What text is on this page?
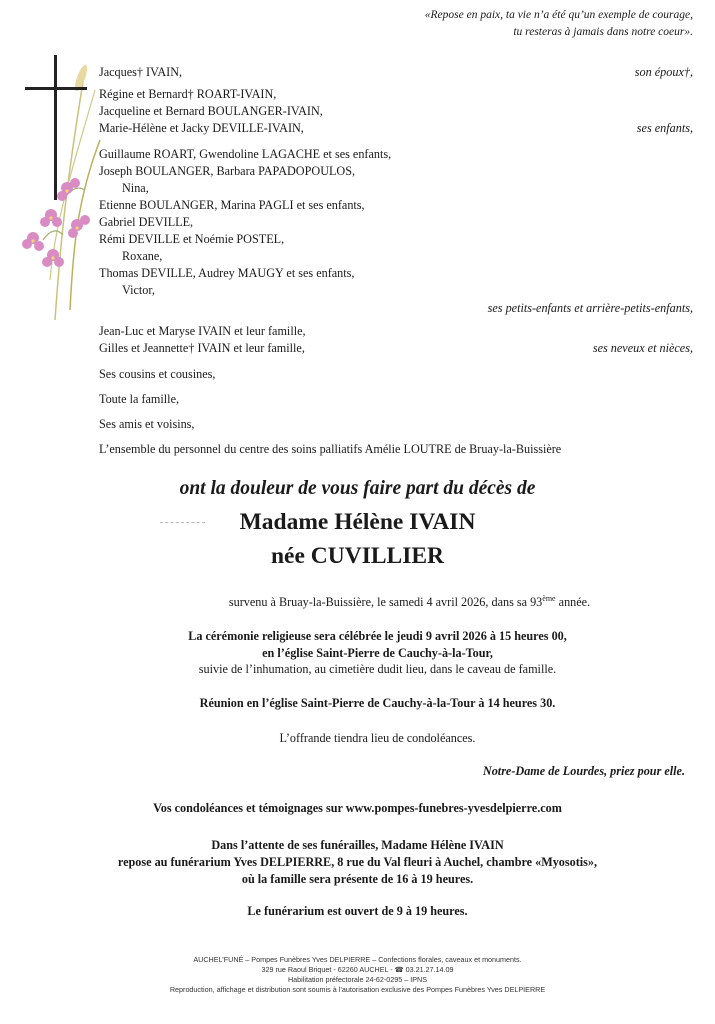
«Repose en paix, ta vie n’a été qu’un exemple de courage,
tu resteras à jamais dans notre coeur».
Jacques† IVAIN,	son époux†,
Régine et Bernard† ROART-IVAIN,
Jacqueline et Bernard BOULANGER-IVAIN,
Marie-Hélène et Jacky DEVILLE-IVAIN,	ses enfants,
Guillaume ROART, Gwendoline LAGACHE et ses enfants,
Joseph BOULANGER, Barbara PAPADOPOULOS,
Nina,
Etienne BOULANGER, Marina PAGLI et ses enfants,
Gabriel DEVILLE,
Rémi DEVILLE et Noémie POSTEL,
Roxane,
Thomas DEVILLE, Audrey MAUGY et ses enfants,
Victor,
ses petits-enfants et arrière-petits-enfants,
Jean-Luc et Maryse IVAIN et leur famille,
Gilles et Jeannette† IVAIN et leur famille,	ses neveux et nièces,
Ses cousins et cousines,
Toute la famille,
Ses amis et voisins,
L’ensemble du personnel du centre des soins palliatifs Amélie LOUTRE de Bruay-la-Buissière
ont la douleur de vous faire part du décès de
Madame Hélène IVAIN
née CUVILLIER
survenu à Bruay-la-Buissière, le samedi 4 avril 2026, dans sa 93ème année.
La cérémonie religieuse sera célébrée le jeudi 9 avril 2026 à 15 heures 00,
en l’église Saint-Pierre de Cauchy-à-la-Tour,
suivie de l’inhumation, au cimetière dudit lieu, dans le caveau de famille.
Réunion en l’église Saint-Pierre de Cauchy-à-la-Tour à 14 heures 30.
L’offrande tiendra lieu de condoléances.
Notre-Dame de Lourdes, priez pour elle.
Vos condoléances et témoignages sur www.pompes-funebres-yvesdelpierre.com
Dans l’attente de ses funérailles, Madame Hélène IVAIN
repose au funérarium Yves DELPIERRE, 8 rue du Val fleuri à Auchel, chambre «Myosotis»,
où la famille sera présente de 16 à 19 heures.
Le funérarium est ouvert de 9 à 19 heures.
AUCHEL’FUNÉ – Pompes Funèbres Yves DELPIERRE – Confections florales, caveaux et monuments.
329 rue Raoul Briquet - 62260 AUCHEL - ☎ 03.21.27.14.09
Habilitation préfectorale 24-62-0295 – IPNS
Reproduction, affichage et distribution sont soumis à l’autorisation exclusive des Pompes Funèbres Yves DELPIERRE
